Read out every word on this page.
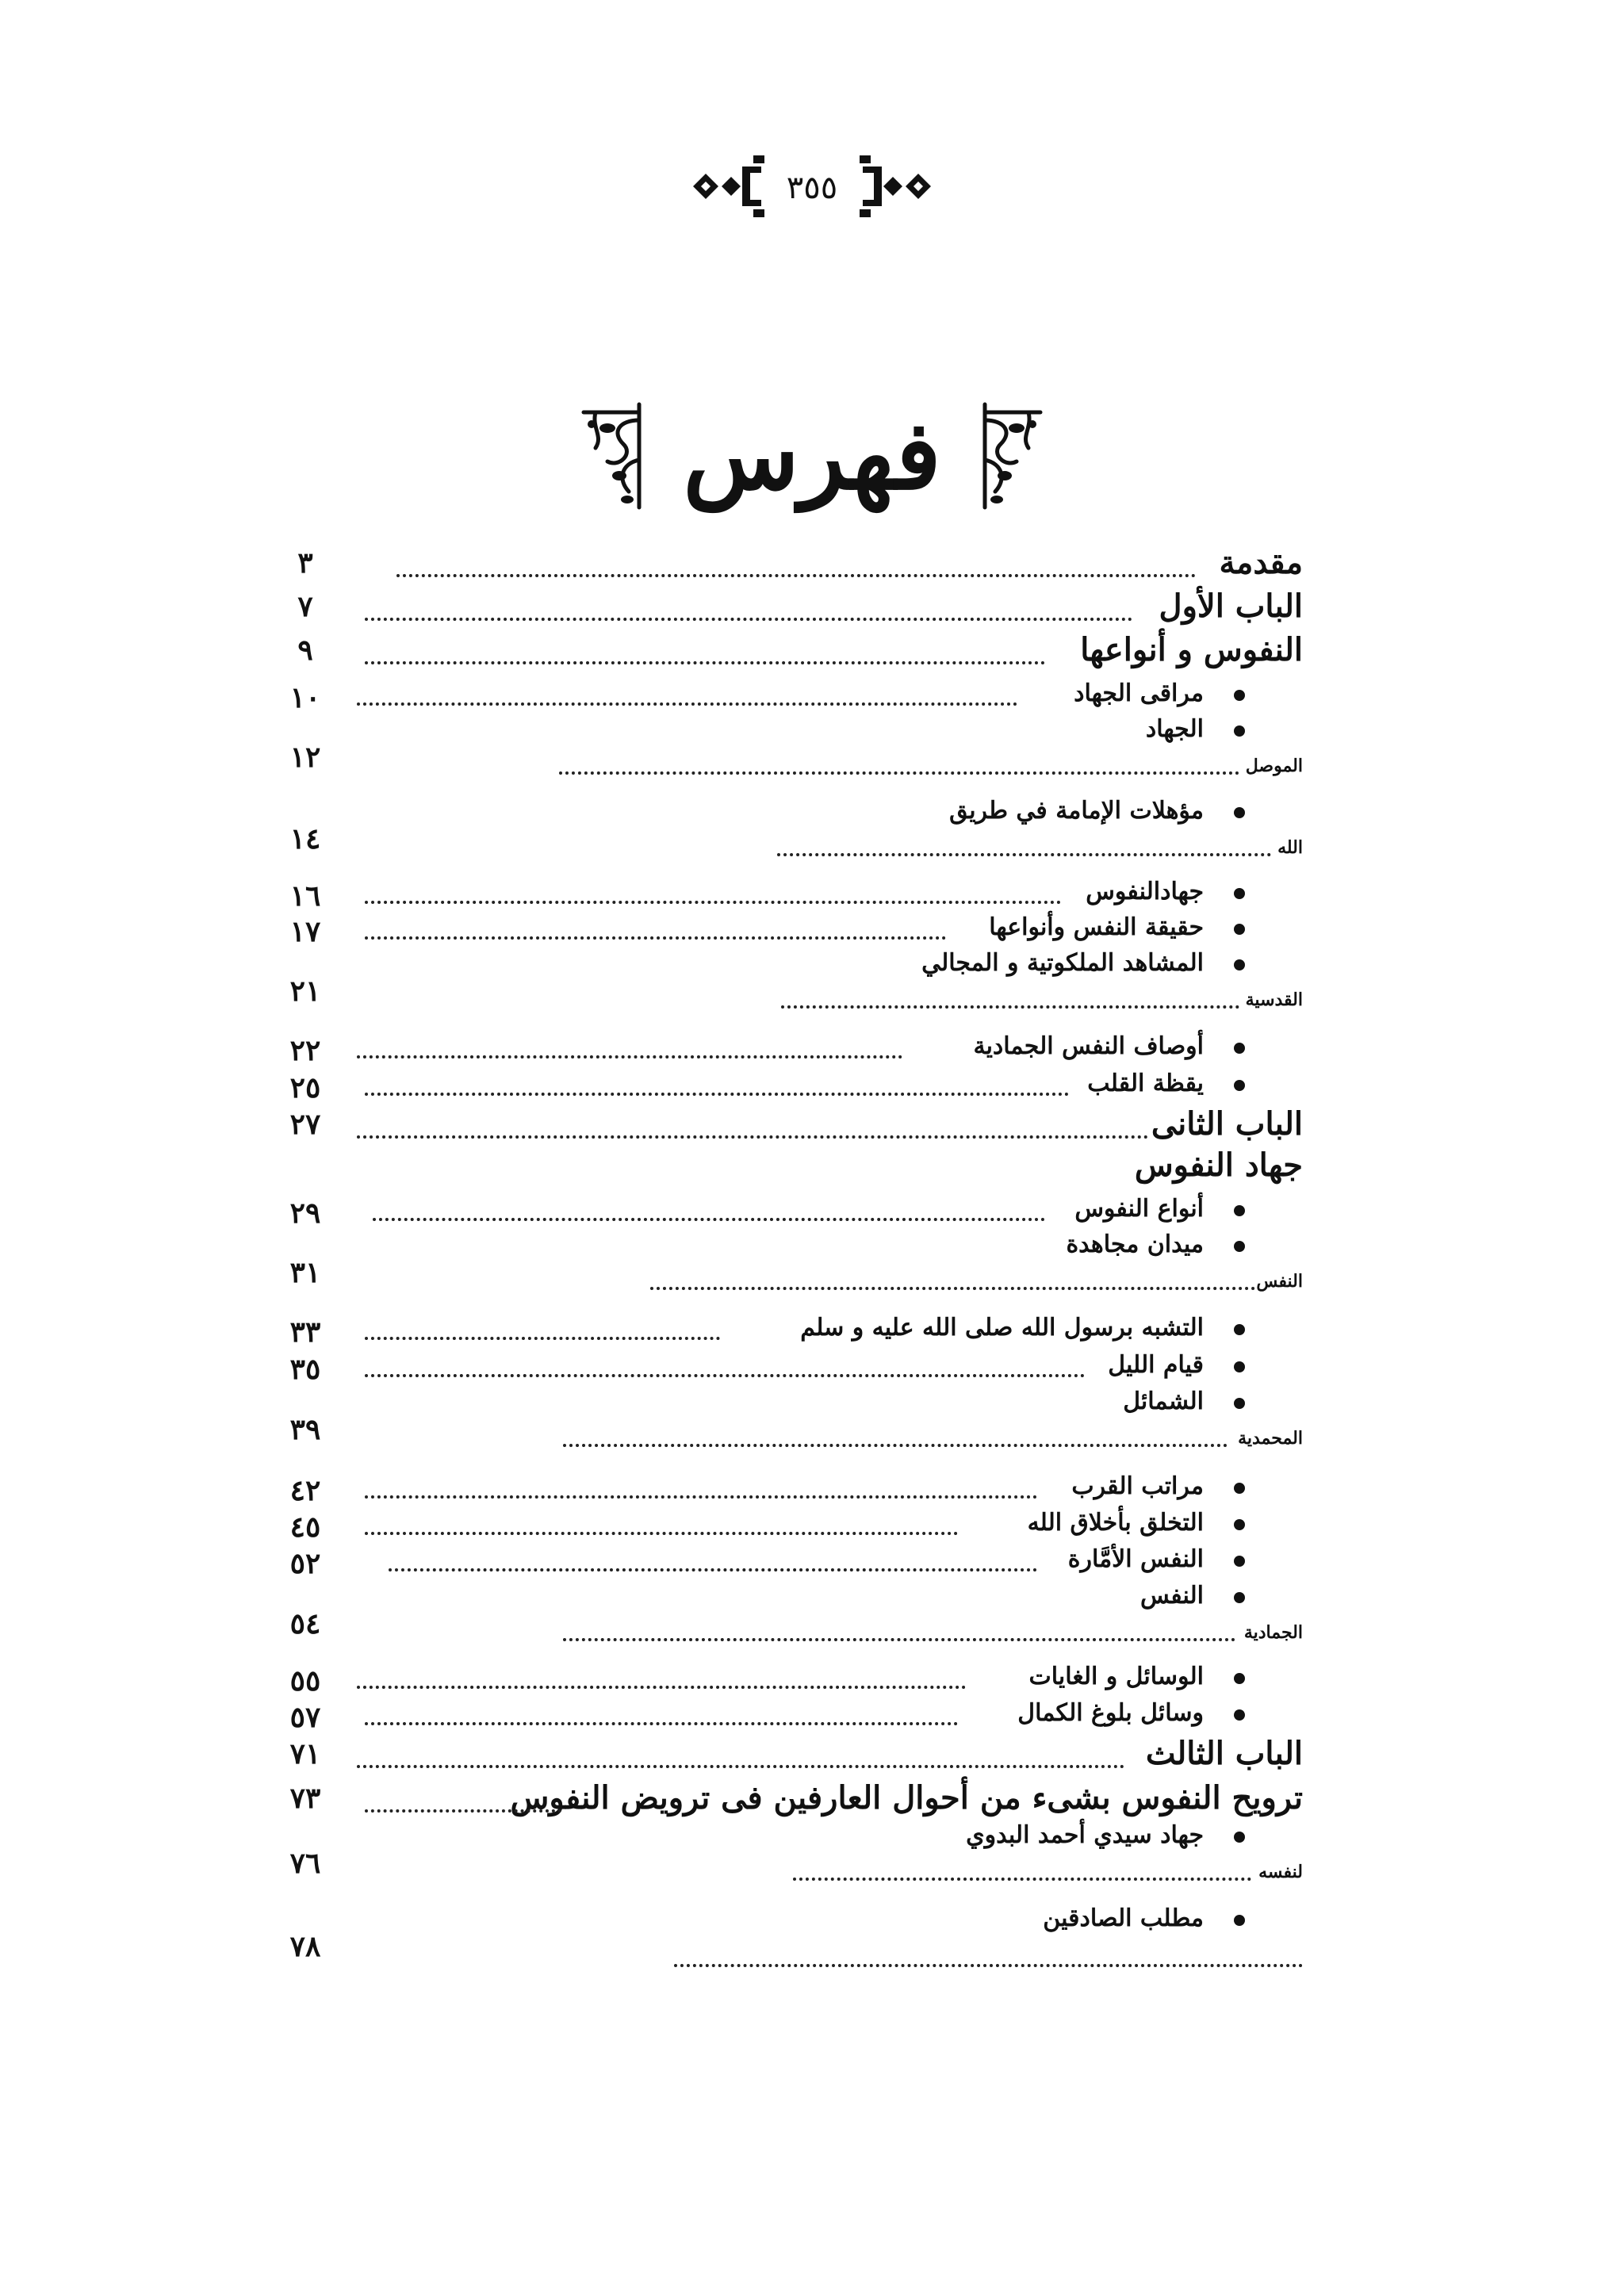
٣٥٥
فهرس
مقدمة
٣
الباب الأول
٧
النفوس و أنواعها
٩
مراقى الجهاد
١٠
الجهاد
الموصل
١٢
مؤهلات الإمامة في طريق
الله
١٤
جهادالنفوس
١٦
حقيقة النفس وأنواعها
١٧
المشاهد الملكوتية و المجالي
القدسية
٢١
أوصاف النفس الجمادية
٢٢
يقظة القلب
٢٥
الباب الثانى
٢٧
جهاد النفوس
أنواع النفوس
٢٩
ميدان مجاهدة
النفس
٣١
التشبه برسول الله صلى الله عليه و سلم
٣٣
قيام الليل
٣٥
الشمائل
المحمدية
٣٩
مراتب القرب
٤٢
التخلق بأخلاق الله
٤٥
النفس الأمَّارة
٥٢
النفس
الجمادية
٥٤
الوسائل و الغايات
٥٥
وسائل بلوغ الكمال
٥٧
الباب الثالث
٧١
ترويح النفوس بشىء من أحوال العارفين فى ترويض النفوس
٧٣
جهاد سيدي أحمد البدوي
لنفسه
٧٦
مطلب الصادقين
٧٨
